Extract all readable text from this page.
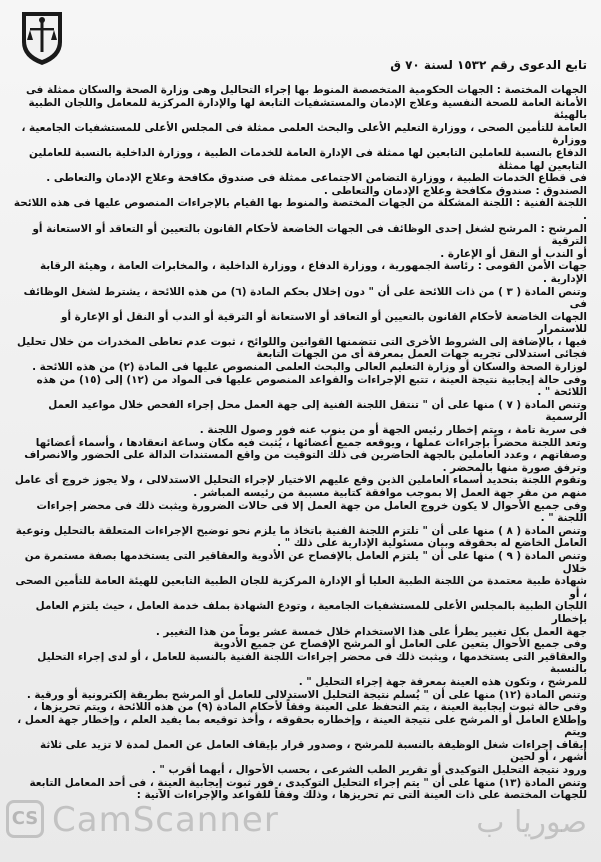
تابع الدعوى رقم ١٥٣٢ لسنة ٧٠ ق

الجهات المختصة : الجهات الحكومية المتخصصة المنوط بها إجراء التحاليل وهى وزارة الصحة والسكان ممثلة فى

الأمانة العامة للصحة النفسية وعلاج الإدمان والمستشفيات التابعة لها والإدارة المركزية للمعامل واللجان الطبية بالهيئة

العامة للتأمين الصحى ، ووزارة التعليم الأعلى والبحث العلمى ممثلة فى المجلس الأعلى للمستشفيات الجامعية ، ووزارة

الدفاع بالنسبة للعاملين التابعين لها ممثلة فى الإدارة العامة للخدمات الطبية ، ووزارة الداخلية بالنسبة للعاملين التابعين لها ممثلة

فى قطاع الخدمات الطبية ، ووزارة التضامن الاجتماعى ممثلة فى صندوق مكافحة وعلاج الإدمان والتعاطى .

الصندوق : صندوق مكافحة وعلاج الإدمان والتعاطى .

اللجنة الفنية : اللجنة المشكلة من الجهات المختصة والمنوط بها القيام بالإجراءات المنصوص عليها فى هذه اللائحة .

المرشح : المرشح لشغل إحدى الوظائف فى الجهات الخاضعة لأحكام القانون بالتعيين أو التعاقد أو الاستعانة أو الترقية

أو الندب أو النقل أو الإعارة .

جهات الأمن القومى : رئاسة الجمهورية ، ووزارة الدفاع ، ووزارة الداخلية ، والمخابرات العامة ، وهيئة الرقابة الإدارية .

وتنص المادة ( ٣ ) من ذات اللائحة على أن " دون إخلال بحكم المادة (٦) من هذه اللائحة ، يشترط لشغل الوظائف فى

الجهات الخاضعة لأحكام القانون بالتعيين أو التعاقد أو الاستعانة أو الترقية أو الندب أو النقل أو الإعارة أو للاستمرار

فيها ، بالإضافة إلى الشروط الأخرى التى تتضمنها القوانين واللوائح ، ثبوت عدم تعاطى المخدرات من خلال تحليل

فجائى استدلالى تجريه جهات العمل بمعرفة أى من الجهات التابعة

لوزارة الصحة والسكان أو وزارة التعليم العالى والبحث العلمى المنصوص عليها فى المادة (٢) من هذه اللائحة .

وفى حالة إيجابية نتيجة العينة ، تتبع الإجراءات والقواعد المنصوص عليها فى المواد من (١٢) إلى (١٥) من هذه

اللائحة " .

وتنص المادة ( ٧ ) منها على أن " تنتقل اللجنة الفنية إلى جهة العمل محل إجراء الفحص خلال مواعيد العمل الرسمية

فى سرية تامة ، ويتم إخطار رئيس الجهة أو من ينوب عنه فور وصول اللجنة .

وتعد اللجنة محضراً بإجراءات عملها ، ويوقعه جميع أعضائها ، يُثبت فيه مكان وساعة انعقادها ، وأسماء أعضائها

وصفاتهم ، وعدد العاملين بالجهة الحاضرين فى ذلك التوقيت من واقع المستندات الدالة على الحضور والانصراف

وترفق صورة منها بالمحضر .

وتقوم اللجنة بتحديد أسماء العاملين الذين وقع عليهم الاختيار لإجراء التحليل الاستدلالى ، ولا يجوز خروج أى عامل

منهم من مقر جهة العمل إلا بموجب موافقة كتابية مسببة من رئيسه المباشر .

وفى جميع الأحوال لا يكون خروج العامل من جهة العمل إلا فى حالات الضرورة ويثبت ذلك فى محضر إجراءات

اللجنة " .

وتنص المادة ( ٨ ) منها على أن " تلتزم اللجنة الفنية باتخاذ ما يلزم نحو توضيح الإجراءات المتعلقة بالتحليل وتوعية

العامل الخاضع له بحقوقه وبيان مسئولية الإدارية على ذلك " .

وتنص المادة ( ٩ ) منها على أن " يلتزم العامل بالإفصاح عن الأدوية والعقاقير التى يستخدمها بصفة مستمرة من خلال

شهادة طبية معتمدة من اللجنة الطبية العليا أو الإدارة المركزية للجان الطبية التابعين للهيئة العامة للتأمين الصحى ، أو

اللجان الطبية بالمجلس الأعلى للمستشفيات الجامعية ، وتودع الشهادة بملف خدمة العامل ، حيث يلتزم العامل بإخطار

جهة العمل بكل تغيير يطرأ على هذا الاستخدام خلال خمسة عشر يوماً من هذا التغيير .

وفى جميع الأحوال يتعين على العامل أو المرشح الإفصاح عن جميع الأدوية

والعقاقير التى يستخدمها ، ويثبت ذلك فى محضر إجراءات اللجنة الفنية بالنسبة للعامل ، أو لدى إجراء التحليل بالنسبة

للمرشح ، وتكون هذه العينة بمعرفة جهة إجراء التحليل " .

وتنص المادة (١٢) منها على أن " يُسلم نتيجة التحليل الاستدلالى للعامل أو المرشح بطريقة إلكترونية أو ورقية .

وفى حالة ثبوت إيجابية العينة ، يتم التحفظ على العينة وفقاً لأحكام المادة (٩) من هذه اللائحة ، ويتم تحريزها ،

وإطلاع العامل أو المرشح على نتيجة العينة ، وإخطاره بحقوقه ، وأخذ توقيعه بما يفيد العلم ، وإخطار جهة العمل ، ويتم

إيقاف إجراءات شغل الوظيفة بالنسبة للمرشح ، وصدور قرار بإيقاف العامل عن العمل لمدة لا تزيد على ثلاثة أشهر ، أو لحين

ورود نتيجة التحليل التوكيدى أو تقرير الطب الشرعى ، بحسب الأحوال ، أيهما أقرب " .

وتنص المادة (١٣) منها على أن " يتم إجراء التحليل التوكيدى ، فور ثبوت إيجابية العينة ، فى أحد المعامل التابعة

للجهات المختصة على ذات العينة التى تم تحريزها ، وذلك وفقاً للقواعد والإجراءات الآتية :

CS CamScanner	صوريا ب
